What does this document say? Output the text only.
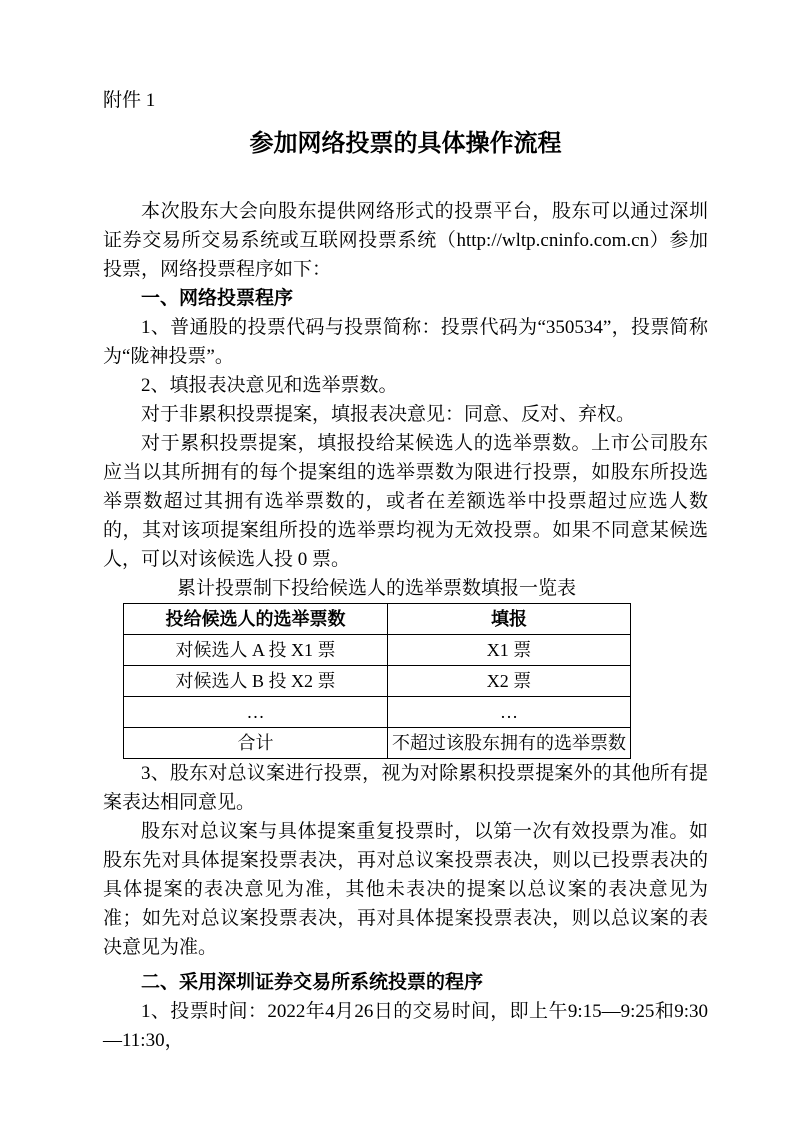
附件 1
参加网络投票的具体操作流程

本次股东大会向股东提供网络形式的投票平台，股东可以通过深圳证券交易所交易系统或互联网投票系统（http://wltp.cninfo.com.cn）参加投票，网络投票程序如下：

一、网络投票程序

1、普通股的投票代码与投票简称：投票代码为“350534”，投票简称为“陇神投票”。

2、填报表决意见和选举票数。

对于非累积投票提案，填报表决意见：同意、反对、弃权。

对于累积投票提案，填报投给某候选人的选举票数。上市公司股东应当以其所拥有的每个提案组的选举票数为限进行投票，如股东所投选举票数超过其拥有选举票数的，或者在差额选举中投票超过应选人数的，其对该项提案组所投的选举票均视为无效投票。如果不同意某候选人，可以对该候选人投 0 票。

累计投票制下投给候选人的选举票数填报一览表
投给候选人的选举票数	填报
对候选人 A 投 X1 票	X1 票
对候选人 B 投 X2 票	X2 票
…	…
合计	不超过该股东拥有的选举票数

3、股东对总议案进行投票，视为对除累积投票提案外的其他所有提案表达相同意见。

股东对总议案与具体提案重复投票时，以第一次有效投票为准。如股东先对具体提案投票表决，再对总议案投票表决，则以已投票表决的具体提案的表决意见为准，其他未表决的提案以总议案的表决意见为准；如先对总议案投票表决，再对具体提案投票表决，则以总议案的表决意见为准。

二、采用深圳证券交易所系统投票的程序

1、投票时间：2022年4月26日的交易时间，即上午9:15—9:25和9:30—11:30，
